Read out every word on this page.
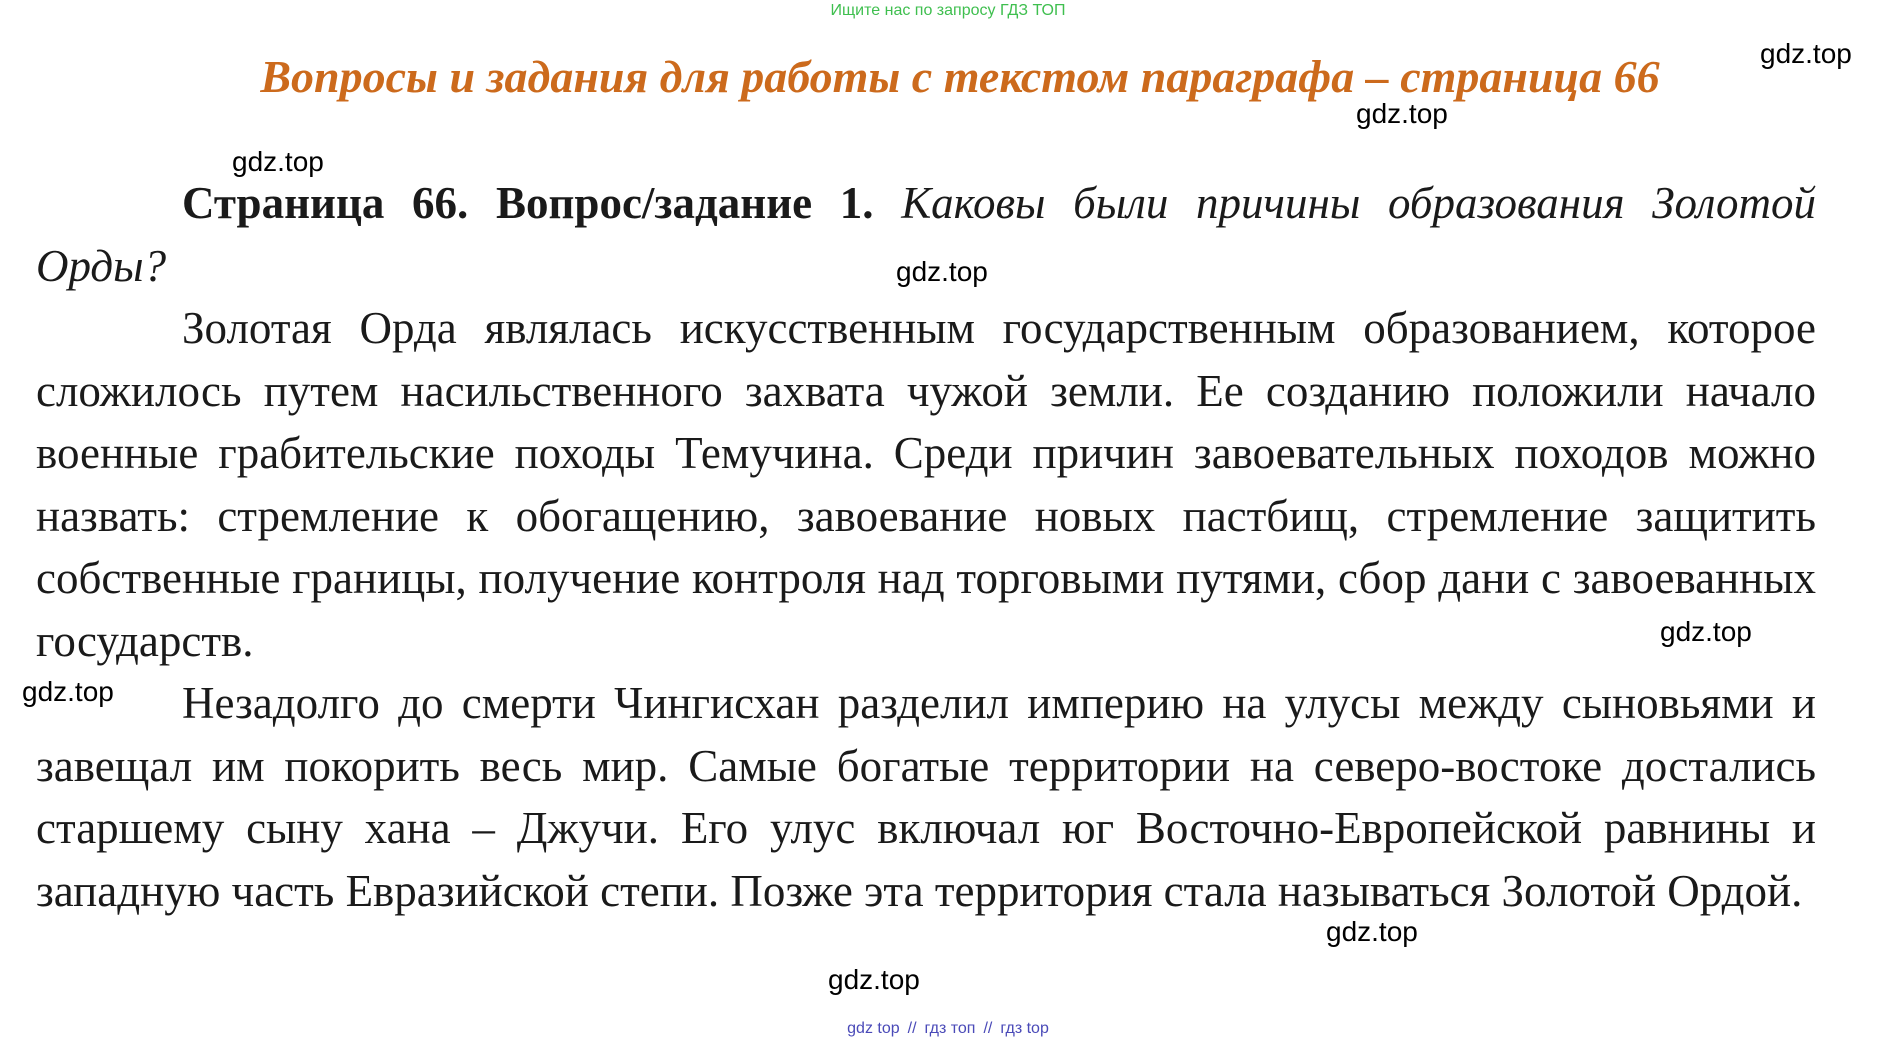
Ищите нас по запросу ГДЗ ТОП
Вопросы и задания для работы с текстом параграфа – страница 66

Страница 66. Вопрос/задание 1. Каковы были причины образования Золотой Орды?

Золотая Орда являлась искусственным государственным образованием, которое сложилось путем насильственного захвата чужой земли. Ее созданию положили начало военные грабительские походы Темучина. Среди причин завоевательных походов можно назвать: стремление к обогащению, завоевание новых пастбищ, стремление защитить собственные границы, получение контроля над торговыми путями, сбор дани с завоеванных государств.

Незадолго до смерти Чингисхан разделил империю на улусы между сыновьями и завещал им покорить весь мир. Самые богатые территории на северо-востоке достались старшему сыну хана – Джучи. Его улус включал юг Восточно-Европейской равнины и западную часть Евразийской степи. Позже эта территория стала называться Золотой Ордой.

gdz.top
gdz.top
gdz.top
gdz.top
gdz.top
gdz.top
gdz.top
gdz.top
gdz top // гдз топ // гдз top
